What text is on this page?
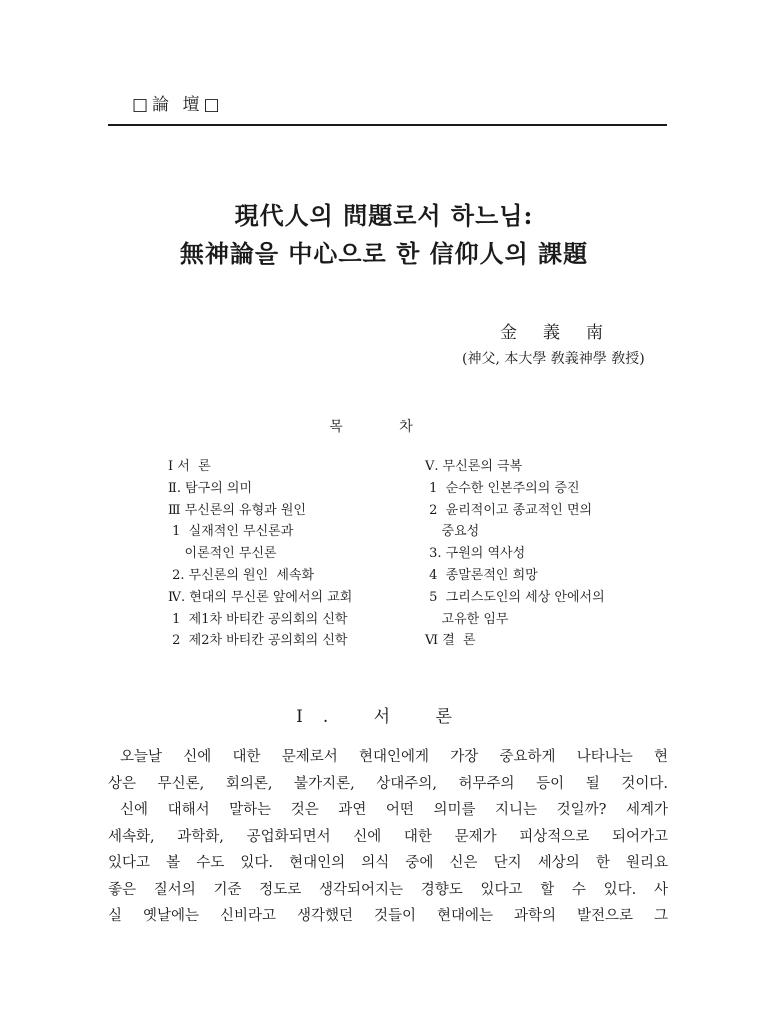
□論 壇□
現代人의 問題로서 하느님:
無神論을 中心으로 한 信仰人의 課題
金義南
(神父, 本大學 敎義神學 敎授)
목 차
Ⅰ 서  론
Ⅱ. 탐구의 의미
Ⅲ 무신론의 유형과 원인
1  실재적인 무신론과
이론적인 무신론
2. 무신론의 원인  세속화
Ⅳ. 현대의 무신론 앞에서의 교회
1  제1차 바티칸 공의회의 신학
2  제2차 바티칸 공의회의 신학
Ⅴ. 무신론의 극복
1  순수한 인본주의의 증진
2  윤리적이고 종교적인 면의
중요성
3. 구원의 역사성
4  종말론적인 희망
5  그리스도인의 세상 안에서의
고유한 임무
Ⅵ 결  론
Ⅰ. 서 론
오늘날 신에 대한 문제로서 현대인에게 가장 중요하게 나타나는 현
상은 무신론, 회의론, 불가지론, 상대주의, 허무주의 등이 될 것이다.
신에 대해서 말하는 것은 과연 어떤 의미를 지니는 것일까? 세계가
세속화, 과학화, 공업화되면서 신에 대한 문제가 피상적으로 되어가고
있다고 볼 수도 있다. 현대인의 의식 중에 신은 단지 세상의 한 원리요
좋은 질서의 기준 정도로 생각되어지는 경향도 있다고 할 수 있다. 사
실 옛날에는 신비라고 생각했던 것들이 현대에는 과학의 발전으로 그
